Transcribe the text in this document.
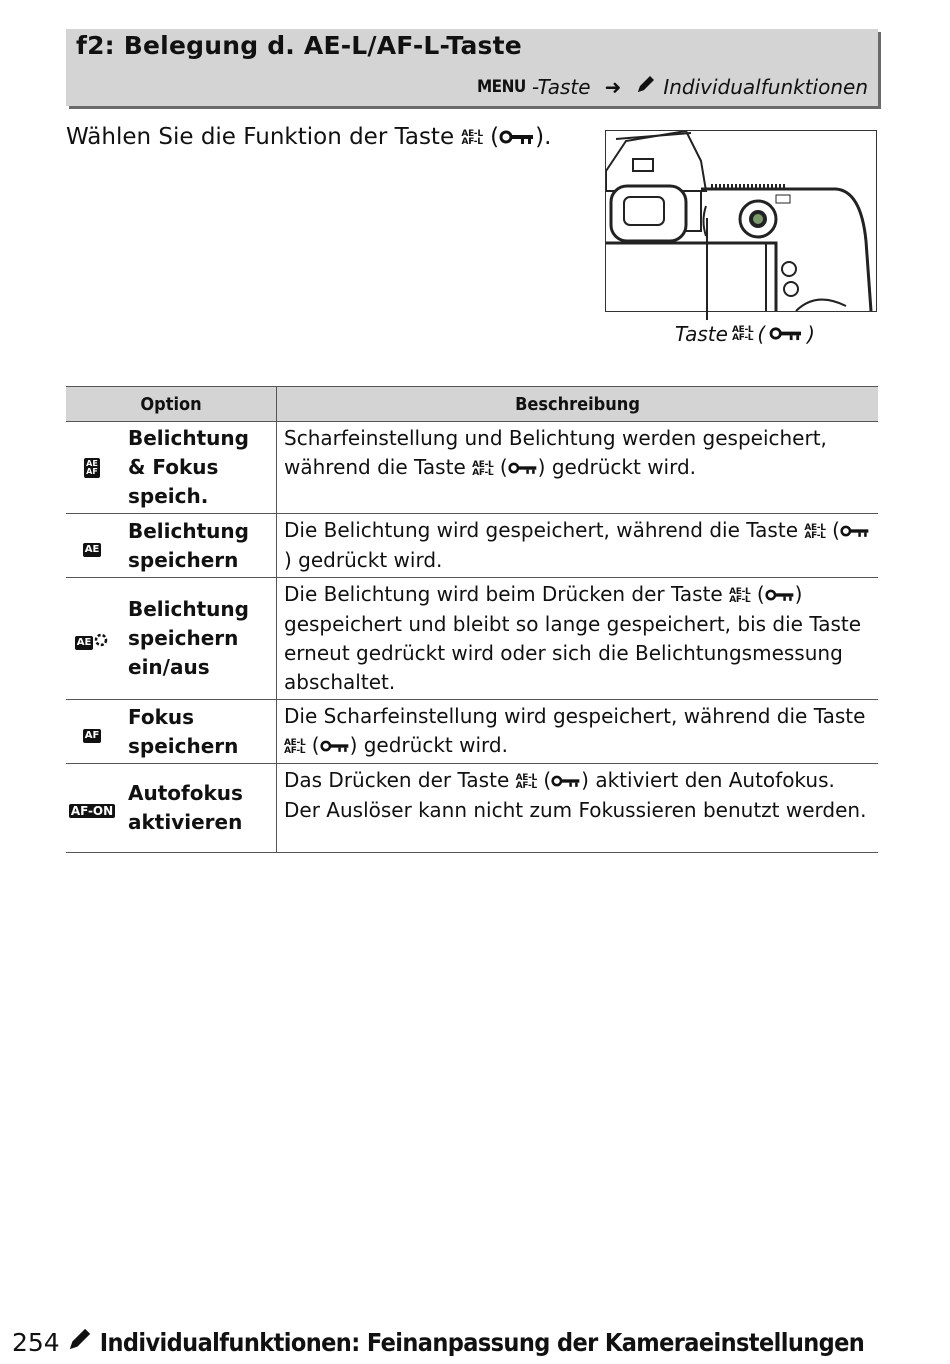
f2: Belegung d. AE-L/AF-L-Taste
MENU -Taste ➜ Individualfunktionen
Wählen Sie die Funktion der Taste AE-L
AF-L ( ).
Taste AE-L
AF-L ( )
Option		Beschreibung
AE
AF	Belichtung & Fokus speich.	Scharfeinstellung und Belichtung werden gespeichert, während die Taste AE-L
AF-L ( ) gedrückt wird.
AE	Belichtung speichern	Die Belichtung wird gespeichert, während die Taste AE-L
AF-L () gedrückt wird.
AE	Belichtung speichern ein/aus	Die Belichtung wird beim Drücken der Taste AE-L
AF-L ( ) gespeichert und bleibt so lange gespeichert, bis die Taste erneut gedrückt wird oder sich die Belichtungsmessung abschaltet.
AF	Fokus speichern	Die Scharfeinstellung wird gespeichert, während die Taste AE-L
AF-L ( ) gedrückt wird.
AF-ON	Autofokus aktivieren	Das Drücken der Taste AE-L
AF-L ( ) aktiviert den Autofokus. Der Auslöser kann nicht zum Fokussieren benutzt werden.
254 Individualfunktionen: Feinanpassung der Kameraeinstellungen
